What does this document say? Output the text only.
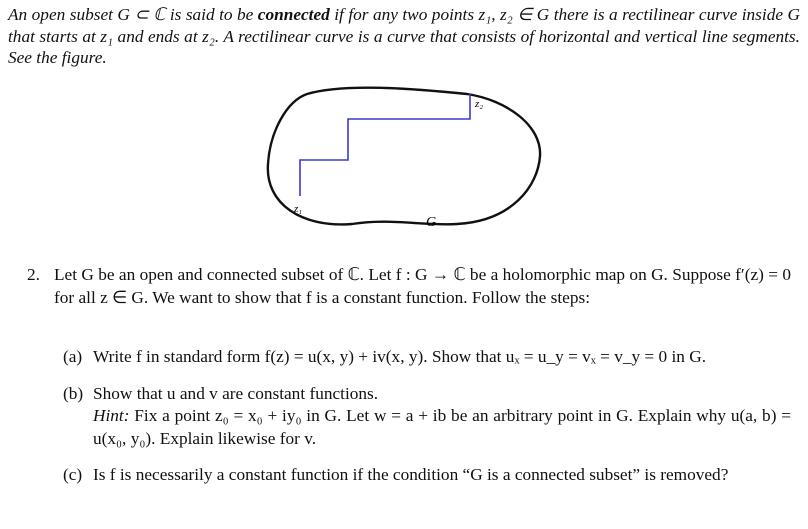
An open subset G ⊂ ℂ is said to be connected if for any two points z₁, z₂ ∈ G there is a rectilinear curve inside G that starts at z₁ and ends at z₂. A rectilinear curve is a curve that consists of horizontal and vertical line segments. See the figure.
z₂
z₁
G
2. Let G be an open and connected subset of ℂ. Let f : G → ℂ be a holomorphic map on G. Suppose f′(z) = 0 for all z ∈ G. We want to show that f is a constant function. Follow the steps:
(a) Write f in standard form f(z) = u(x, y) + iv(x, y). Show that uₓ = u_y = vₓ = v_y = 0 in G.
(b) Show that u and v are constant functions.
Hint: Fix a point z₀ = x₀ + iy₀ in G. Let w = a + ib be an arbitrary point in G. Explain why u(a, b) = u(x₀, y₀). Explain likewise for v.
(c) Is f is necessarily a constant function if the condition “G is a connected subset” is removed?
